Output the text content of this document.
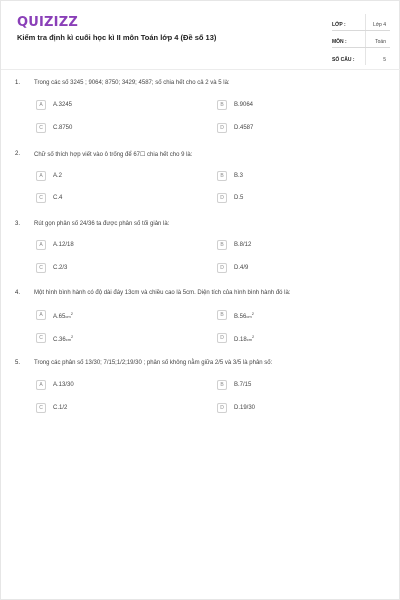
QUIZIZZ
Kiểm tra định kì cuối học kì II môn Toán lớp 4 (Đề số 13)
LỚP :	Lớp 4
MÔN :	Toán
SỐ CÂU :	5
1. Trong các số 3245 ; 9064; 8750; 3429; 4587; số chia hết cho cả 2 và 5 là:
A	A.3245	B	B.9064
C	C.8750	D	D.4587
2. Chữ số thích hợp viết vào ô trống để 67☐ chia hết cho 9 là:
A	A.2	B	B.3
C	C.4	D	D.5
3. Rút gọn phân số 24/36 ta được phân số tối giản là:
A	A.12/18	B	B.8/12
C	C.2/3	D	D.4/9
4. Một hình bình hành có độ dài đáy 13cm và chiều cao là 5cm. Diện tích của hình bình hành đó là:
A	$A.65cm^2$	B	$B.56cm^2$
C	$C.36cm^2$	D	$D.18cm^2$
5. Trong các phân số 13/30; 7/15;1/2;19/30 ; phân số không nằm giữa 2/5 và 3/5 là phân số:
A	A.13/30	B	B.7/15
C	C.1/2	D	D.19/30
